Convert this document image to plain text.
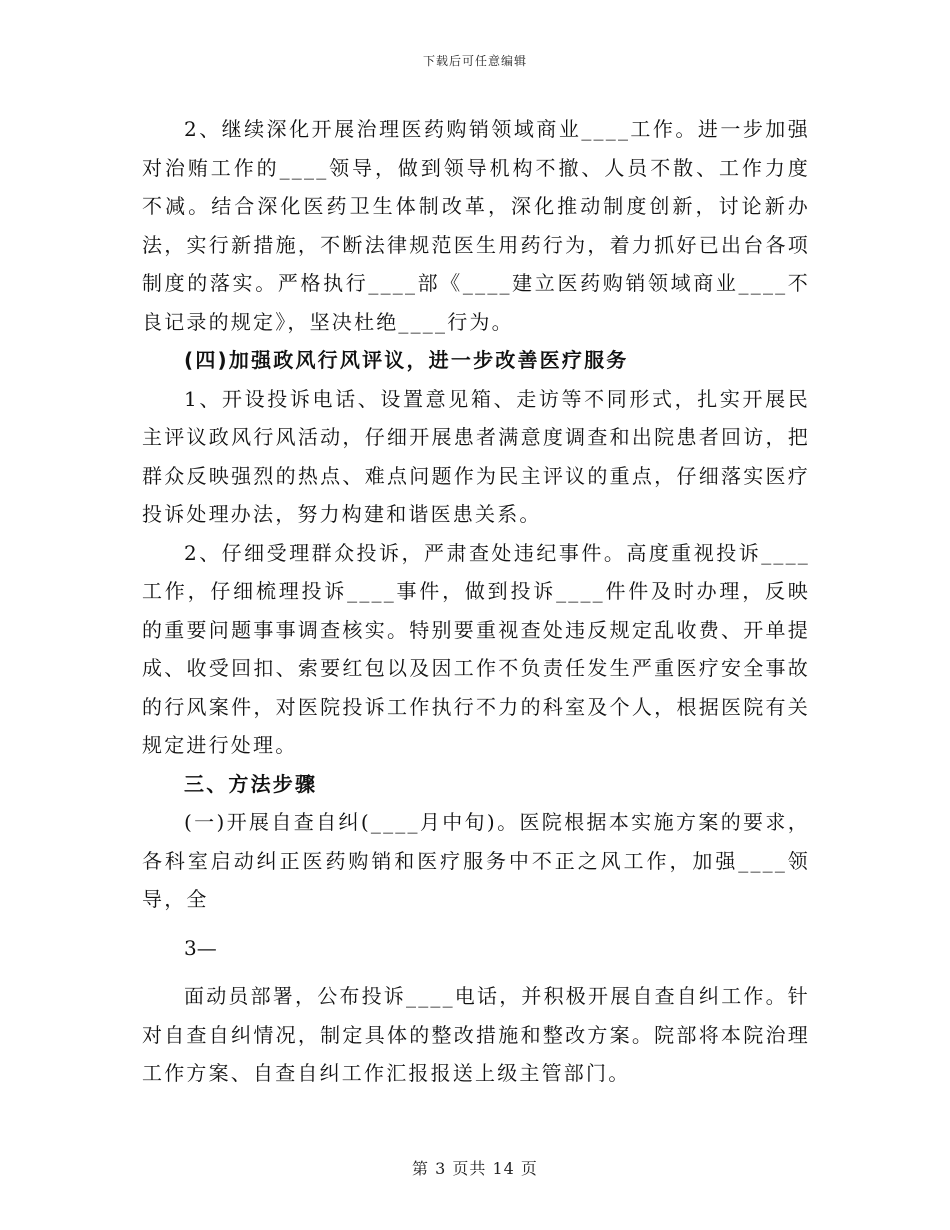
下载后可任意编辑

2、继续深化开展治理医药购销领域商业____工作。进一步加强对治贿工作的____领导，做到领导机构不撤、人员不散、工作力度不减。结合深化医药卫生体制改革，深化推动制度创新，讨论新办法，实行新措施，不断法律规范医生用药行为，着力抓好已出台各项制度的落实。严格执行____部《____建立医药购销领域商业____不良记录的规定》，坚决杜绝____行为。

(四)加强政风行风评议，进一步改善医疗服务

1、开设投诉电话、设置意见箱、走访等不同形式，扎实开展民主评议政风行风活动，仔细开展患者满意度调查和出院患者回访，把群众反映强烈的热点、难点问题作为民主评议的重点，仔细落实医疗投诉处理办法，努力构建和谐医患关系。

2、仔细受理群众投诉，严肃查处违纪事件。高度重视投诉____工作，仔细梳理投诉____事件，做到投诉____件件及时办理，反映的重要问题事事调查核实。特别要重视查处违反规定乱收费、开单提成、收受回扣、索要红包以及因工作不负责任发生严重医疗安全事故的行风案件，对医院投诉工作执行不力的科室及个人，根据医院有关规定进行处理。

三、方法步骤

(一)开展自查自纠(____月中旬)。医院根据本实施方案的要求，各科室启动纠正医药购销和医疗服务中不正之风工作，加强____领导，全

3—

面动员部署，公布投诉____电话，并积极开展自查自纠工作。针对自查自纠情况，制定具体的整改措施和整改方案。院部将本院治理工作方案、自查自纠工作汇报报送上级主管部门。

第 3 页共 14 页
